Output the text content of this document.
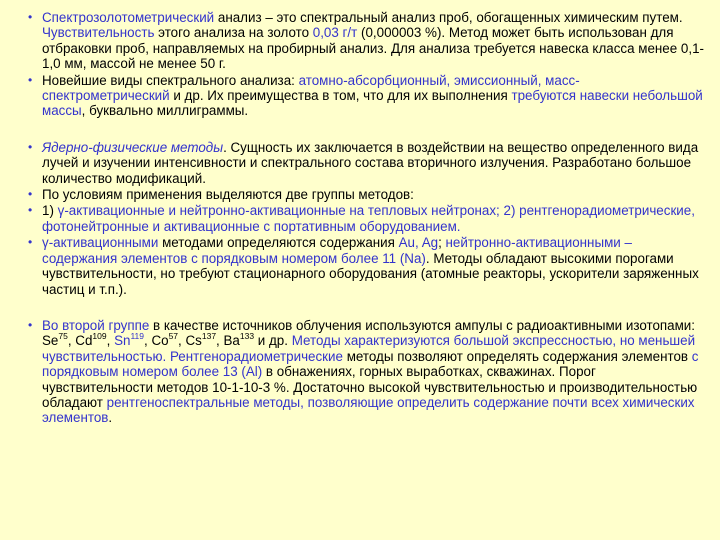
• Спектрозолотометрический анализ – это спектральный анализ проб, обогащенных химическим путем. Чувствительность этого анализа на золото 0,03 г/т (0,000003 %). Метод может быть использован для отбраковки проб, направляемых на пробирный анализ. Для анализа требуется навеска класса менее 0,1-1,0 мм, массой не менее 50 г.
• Новейшие виды спектрального анализа: атомно-абсорбционный, эмиссионный, масс-спектрометрический и др. Их преимущества в том, что для их выполнения требуются навески небольшой массы, буквально миллиграммы.
• Ядерно-физические методы. Сущность их заключается в воздействии на вещество определенного вида лучей и изучении интенсивности и спектрального состава вторичного излучения. Разработано большое количество модификаций.
• По условиям применения выделяются две группы методов:
• 1) γ-активационные и нейтронно-активационные на тепловых нейтронах; 2) рентгенорадиометрические, фотонейтронные и активационные с портативным оборудованием.
• γ-активационными методами определяются содержания Au, Ag; нейтронно-активационными – содержания элементов с порядковым номером более 11 (Na). Методы обладают высокими порогами чувствительности, но требуют стационарного оборудования (атомные реакторы, ускорители заряженных частиц и т.п.).
• Во второй группе в качестве источников облучения используются ампулы с радиоактивными изотопами: Se$^{75}$, Cd$^{109}$, Sn$^{119}$, Co$^{57}$, Cs$^{137}$, Ba$^{133}$ и др. Методы характеризуются большой экспрессностью, но меньшей чувствительностью. Рентгенорадиометрические методы позволяют определять содержания элементов с порядковым номером более 13 (Al) в обнажениях, горных выработках, скважинах. Порог чувствительности методов 10-1-10-3 %. Достаточно высокой чувствительностью и производительностью обладают рентгеноспектральные методы, позволяющие определить содержание почти всех химических элементов.
